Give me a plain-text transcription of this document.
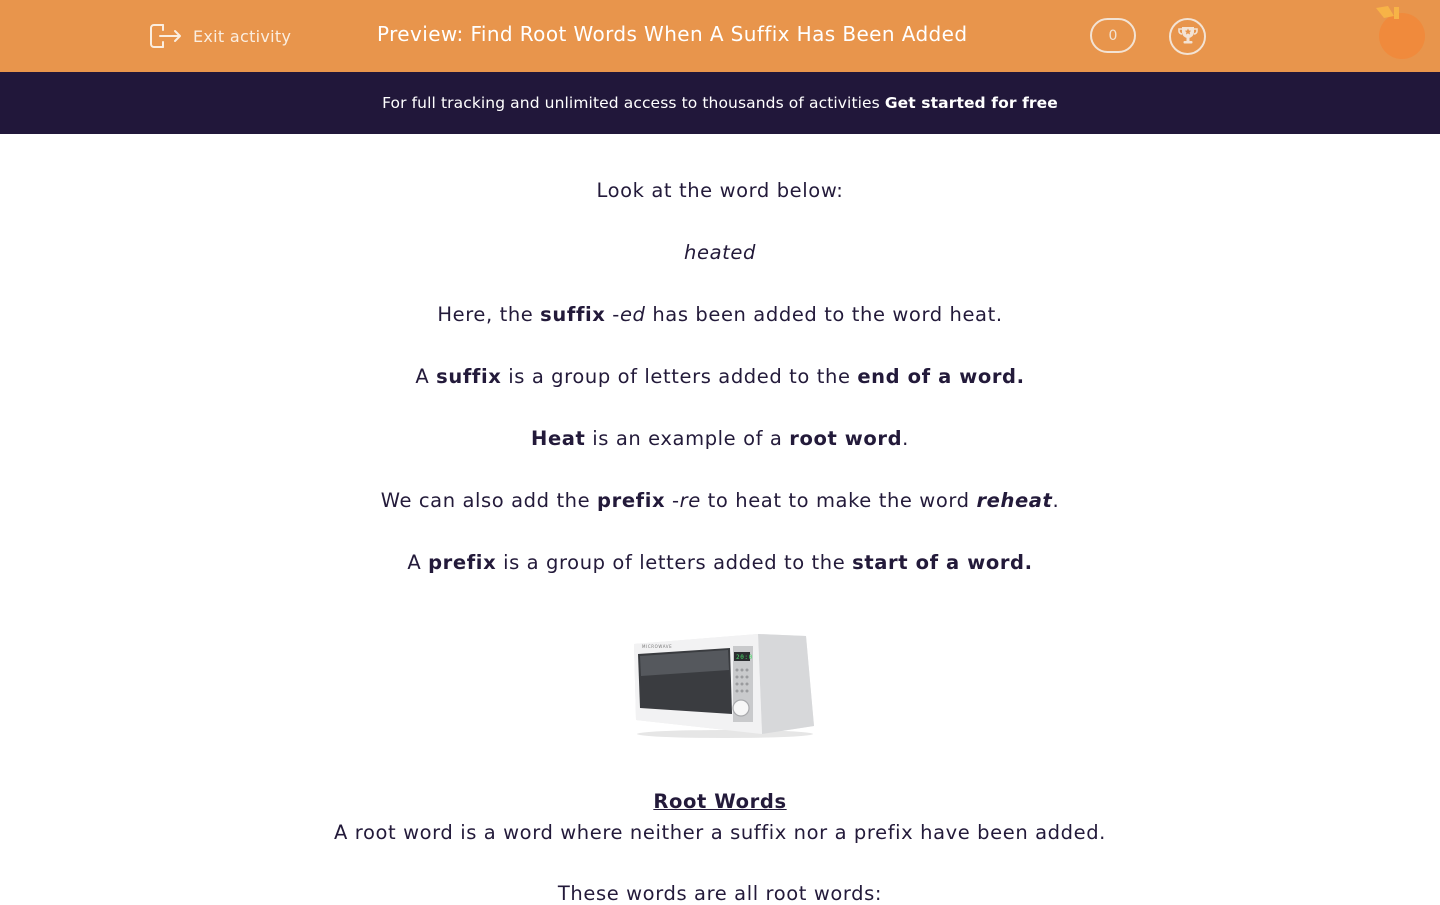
Exit activity	Preview: Find Root Words When A Suffix Has Been Added	0
For full tracking and unlimited access to thousands of activities Get started for free

Look at the word below:

heated

Here, the suffix -ed has been added to the word heat.

A suffix is a group of letters added to the end of a word.

Heat is an example of a root word.

We can also add the prefix -re to heat to make the word reheat.

A prefix is a group of letters added to the start of a word.

20:0
MICROWAVE

Root Words

A root word is a word where neither a suffix nor a prefix have been added.

These words are all root words:
